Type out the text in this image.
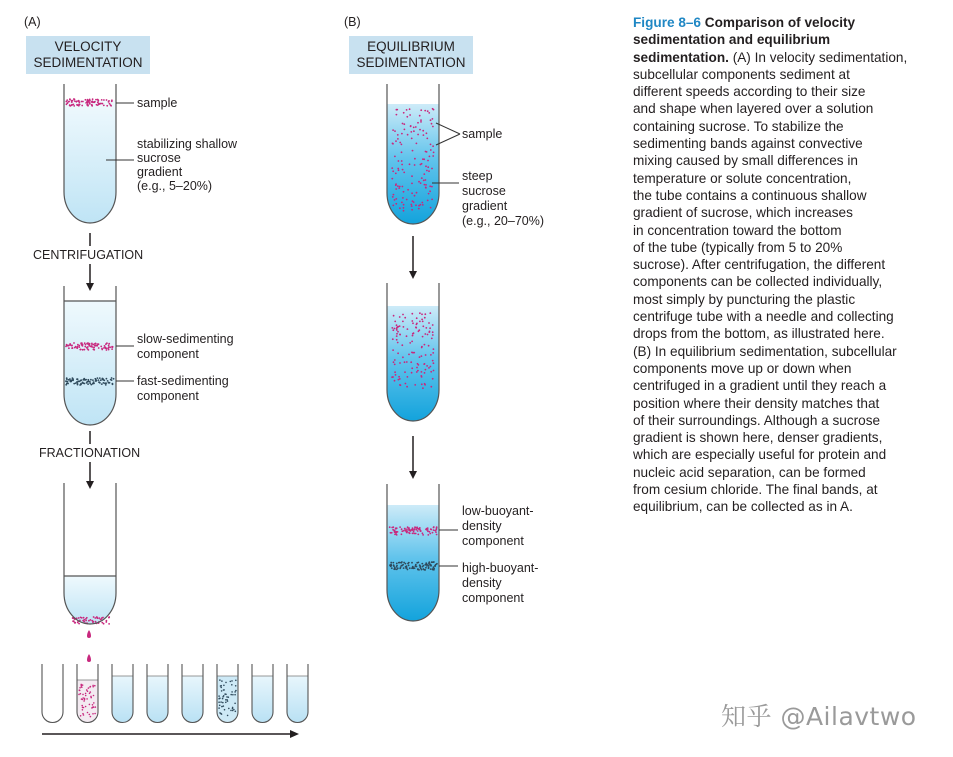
(A)
VELOCITY
SEDIMENTATION
sample
stabilizing shallow
sucrose
gradient
(e.g., 5–20%)
CENTRIFUGATION
slow-sedimenting
component
fast-sedimenting
component
FRACTIONATION
(B)
EQUILIBRIUM
SEDIMENTATION
sample
steep
sucrose
gradient
(e.g., 20–70%)
low-buoyant-
density
component
high-buoyant-
density
component
Figure 8–6 Comparison of velocity
sedimentation and equilibrium
sedimentation. (A) In velocity sedimentation,
subcellular components sediment at
different speeds according to their size
and shape when layered over a solution
containing sucrose. To stabilize the
sedimenting bands against convective
mixing caused by small differences in
temperature or solute concentration,
the tube contains a continuous shallow
gradient of sucrose, which increases
in concentration toward the bottom
of the tube (typically from 5 to 20%
sucrose). After centrifugation, the different
components can be collected individually,
most simply by puncturing the plastic
centrifuge tube with a needle and collecting
drops from the bottom, as illustrated here.
(B) In equilibrium sedimentation, subcellular
components move up or down when
centrifuged in a gradient until they reach a
position where their density matches that
of their surroundings. Although a sucrose
gradient is shown here, denser gradients,
which are especially useful for protein and
nucleic acid separation, can be formed
from cesium chloride. The final bands, at
equilibrium, can be collected as in A.
知乎 @Ailavtwo
